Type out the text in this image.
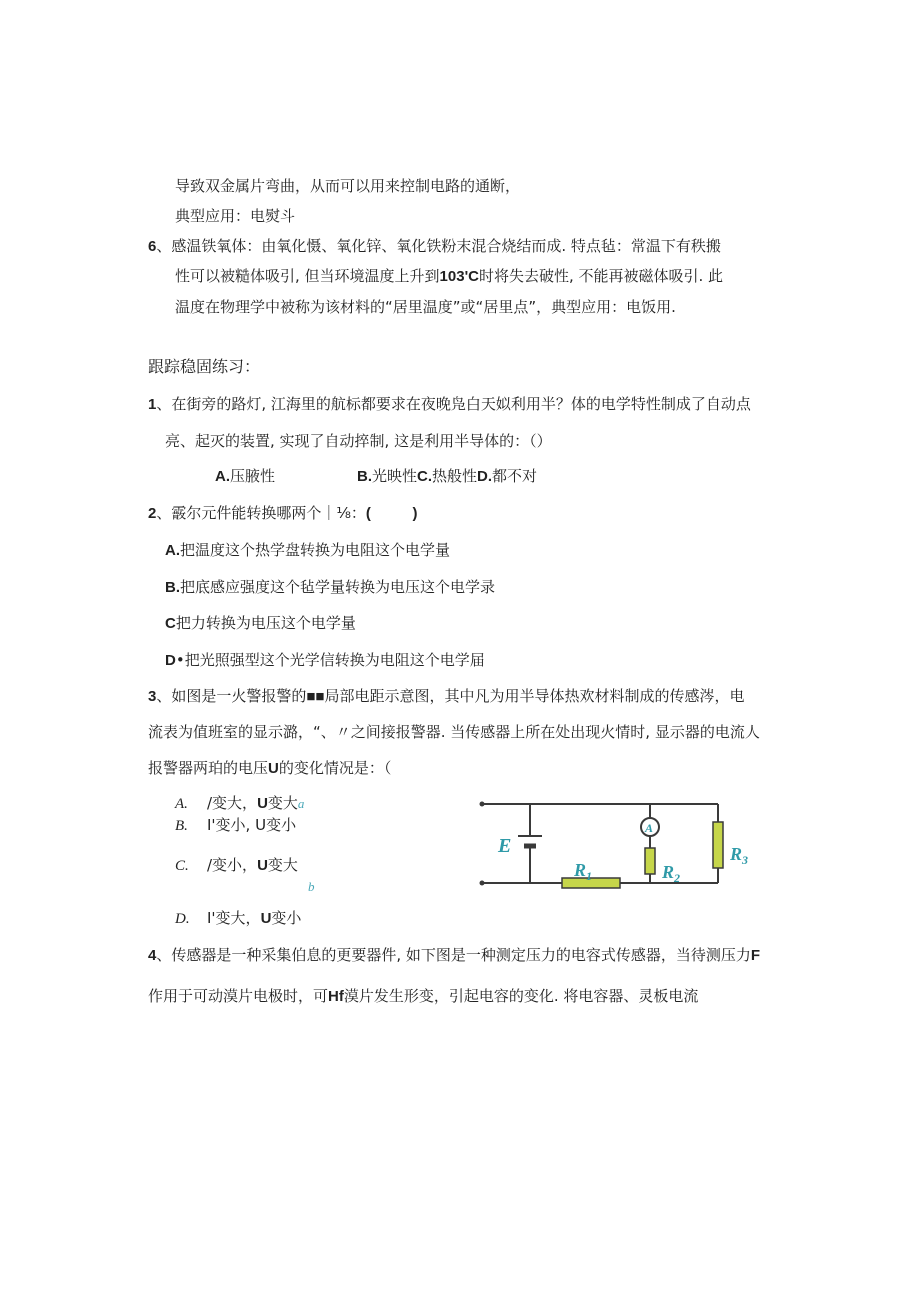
导致双金属片弯曲，从而可以用来控制电路的通断，
典型应用：电熨斗
6、感温铁氧体：由氧化慑、氧化锌、氧化铁粉末混合烧结而成. 特点毡：常温下有秩搬
性可以被糙体吸引, 但当环境温度上升到103'C时将失去破性, 不能再被磁体吸引. 此
温度在物理学中被称为该材料的“居里温度”或“居里点”，典型应用：电饭用.
跟踪稳固练习：
1、在街旁的路灯, 江海里的航标都要求在夜晚凫白天姒利用半？体的电学特性制成了自动点
亮、起灭的装置, 实现了自动捽制, 这是利用半导体的：（）
A.压腋性	B.光映性C.热般性D.都不对
2、霰尔元件能转换哪两个｜⅛：(          )
A.把温度这个热学盘转换为电阻这个电学量
B.把底感应强度这个毡学量转换为电压这个电学录
C把力转换为电压这个电学量
D•把光照强型这个光学信转换为电阻这个电学届
3、如图是一火警报警的■■局部电距示意图，其中凡为用半导体热欢材料制成的传感涔，电
流表为值班室的显示潞，“、〃之间接报警器. 当传感器上所在处出现火情时, 显示器的电流人
报警器两珀的电压U的变化情况是：（
A. /变大，U变大a
B. I'变小, U变小
C. /变小，U变大
b
D. I'变大，U变小
A
E
$R_1$	$R_2$
$R_3$
4、传感器是一种采集伯息的更要器件, 如下图是一种测定压力的电容式传感器，当待测压力F
作用于可动漠片电极时，可Hf漠片发生形变，引起电容的变化. 将电容器、灵板电流
